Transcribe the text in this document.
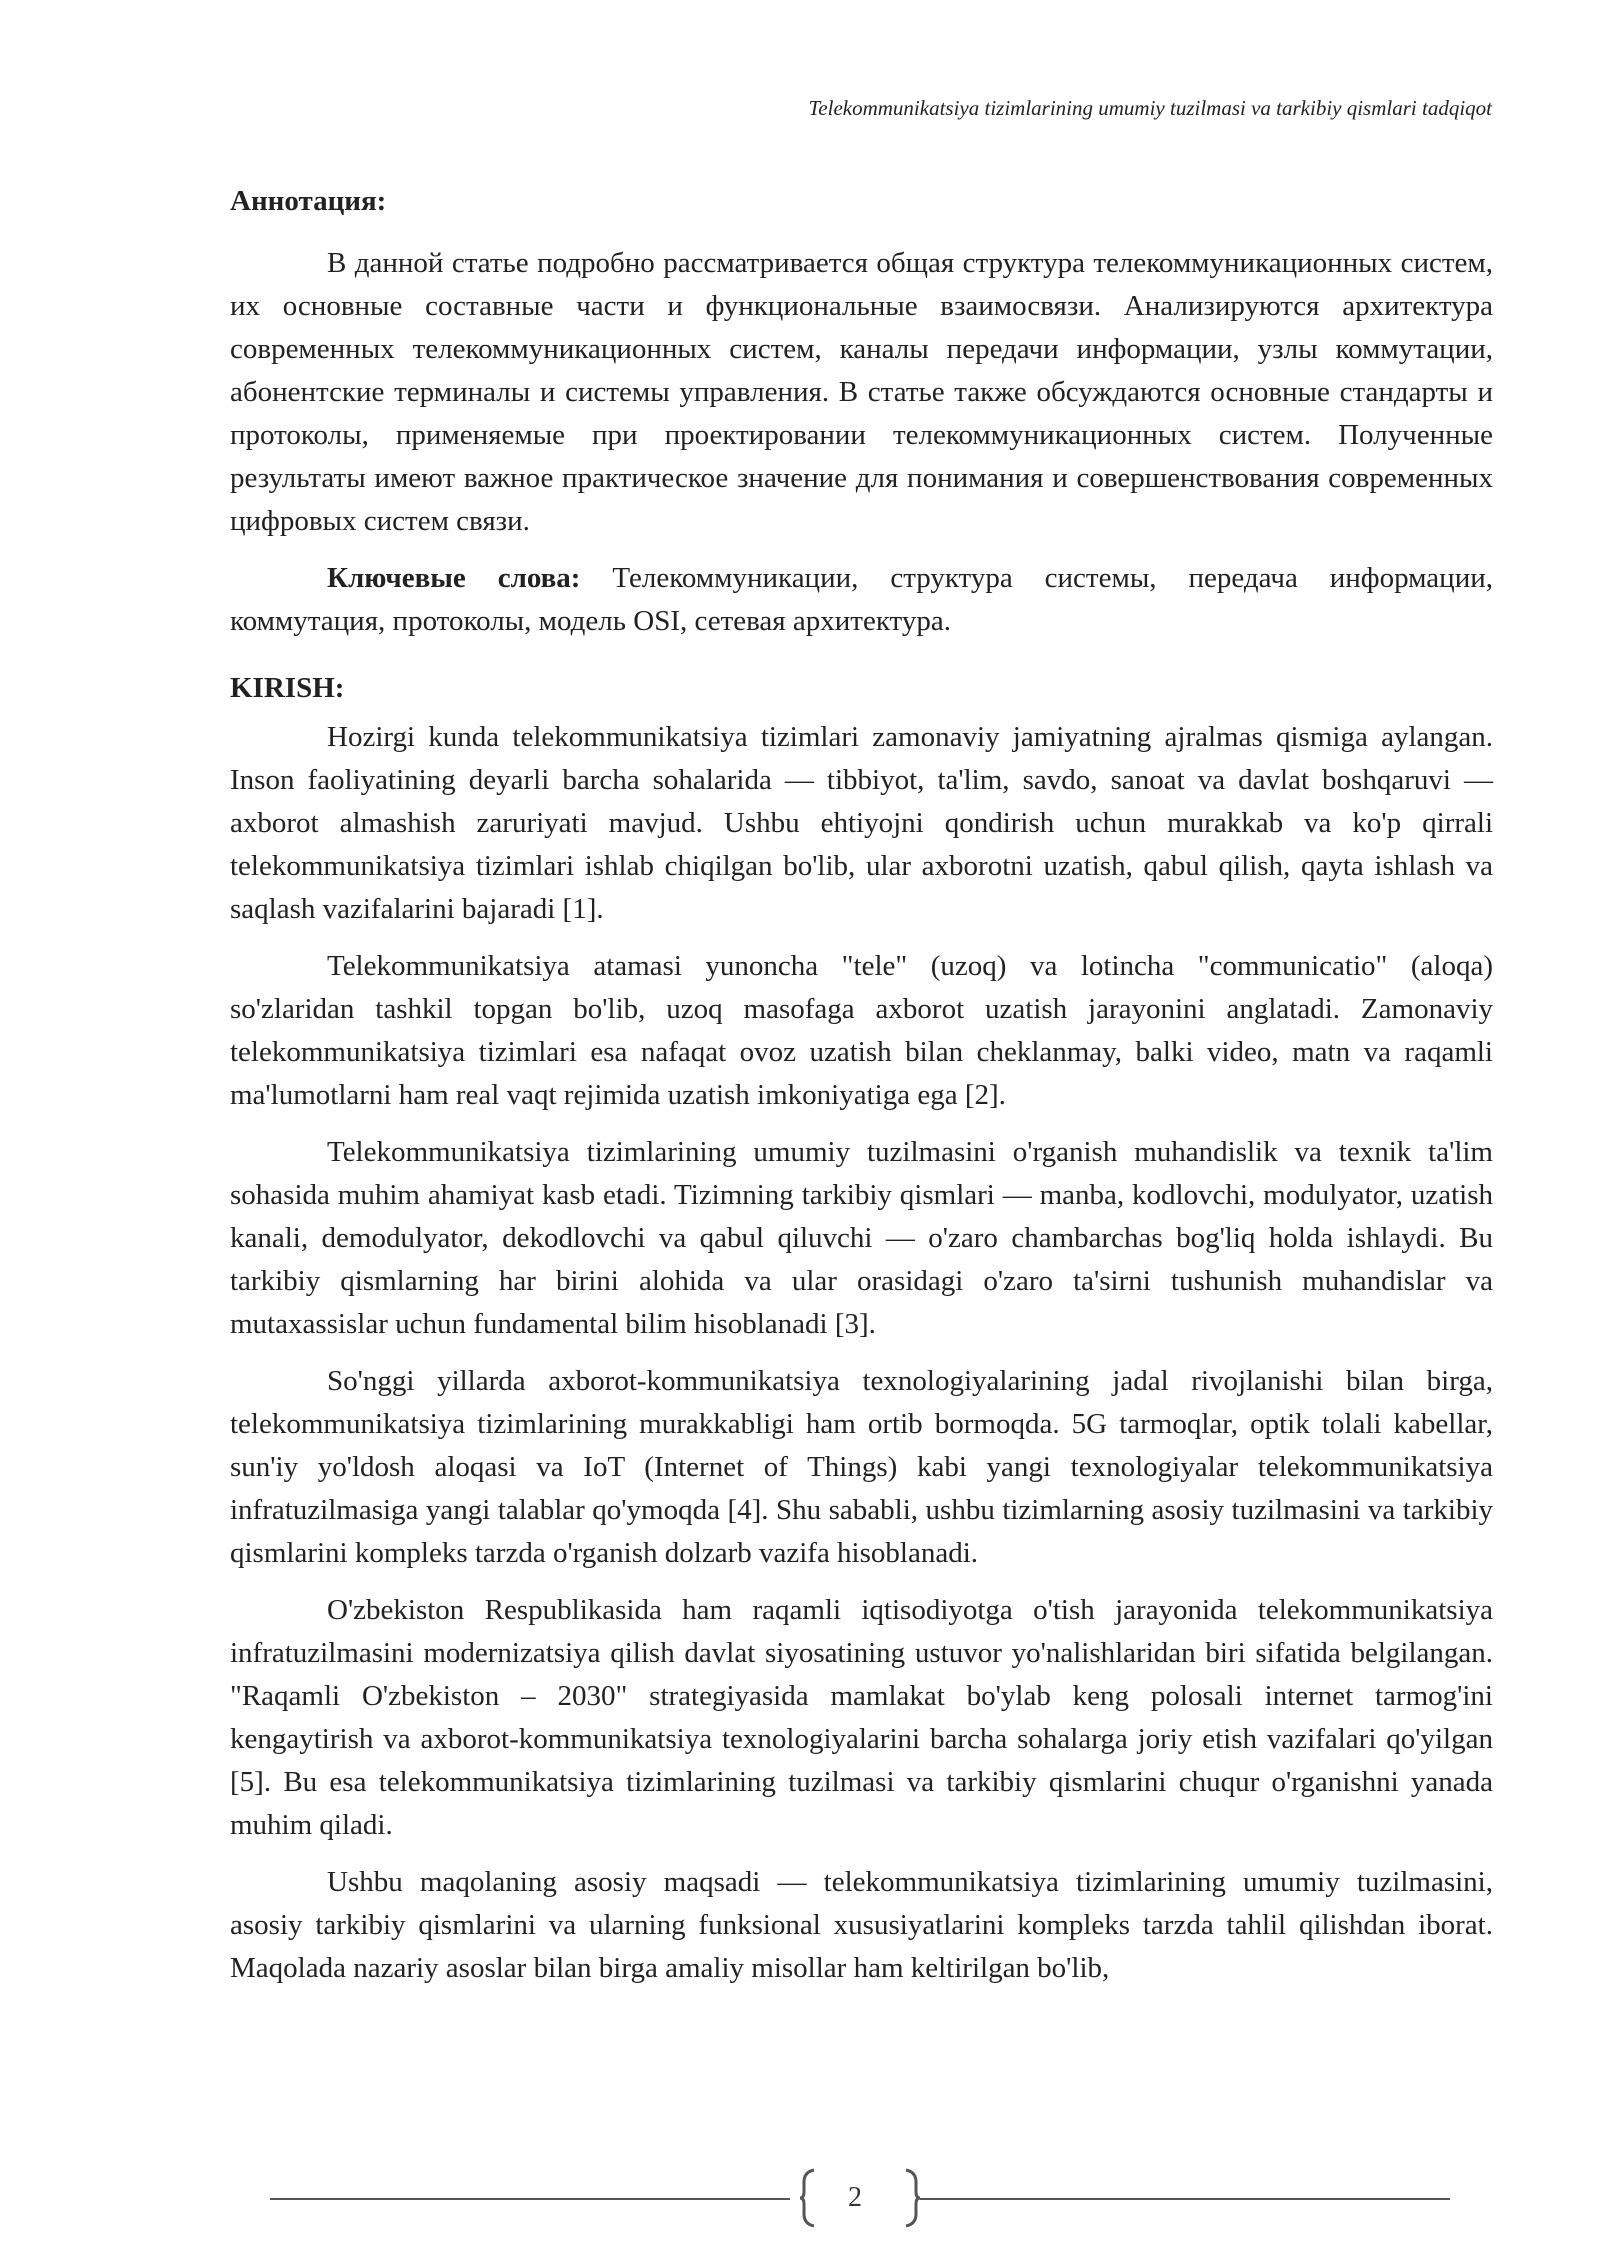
Telekommunikatsiya tizimlarining umumiy tuzilmasi va tarkibiy qismlari tadqiqot
Аннотация:

В данной статье подробно рассматривается общая структура телекоммуникационных систем, их основные составные части и функциональные взаимосвязи. Анализируются архитектура современных телекоммуникационных систем, каналы передачи информации, узлы коммутации, абонентские терминалы и системы управления. В статье также обсуждаются основные стандарты и протоколы, применяемые при проектировании телекоммуникационных систем. Полученные результаты имеют важное практическое значение для понимания и совершенствования современных цифровых систем связи.

Ключевые слова: Телекоммуникации, структура системы, передача информации, коммутация, протоколы, модель OSI, сетевая архитектура.

KIRISH:

Hozirgi kunda telekommunikatsiya tizimlari zamonaviy jamiyatning ajralmas qismiga aylangan. Inson faoliyatining deyarli barcha sohalarida — tibbiyot, ta'lim, savdo, sanoat va davlat boshqaruvi — axborot almashish zaruriyati mavjud. Ushbu ehtiyojni qondirish uchun murakkab va ko'p qirrali telekommunikatsiya tizimlari ishlab chiqilgan bo'lib, ular axborotni uzatish, qabul qilish, qayta ishlash va saqlash vazifalarini bajaradi [1].

Telekommunikatsiya atamasi yunoncha "tele" (uzoq) va lotincha "communicatio" (aloqa) so'zlaridan tashkil topgan bo'lib, uzoq masofaga axborot uzatish jarayonini anglatadi. Zamonaviy telekommunikatsiya tizimlari esa nafaqat ovoz uzatish bilan cheklanmay, balki video, matn va raqamli ma'lumotlarni ham real vaqt rejimida uzatish imkoniyatiga ega [2].

Telekommunikatsiya tizimlarining umumiy tuzilmasini o'rganish muhandislik va texnik ta'lim sohasida muhim ahamiyat kasb etadi. Tizimning tarkibiy qismlari — manba, kodlovchi, modulyator, uzatish kanali, demodulyator, dekodlovchi va qabul qiluvchi — o'zaro chambarchas bog'liq holda ishlaydi. Bu tarkibiy qismlarning har birini alohida va ular orasidagi o'zaro ta'sirni tushunish muhandislar va mutaxassislar uchun fundamental bilim hisoblanadi [3].

So'nggi yillarda axborot-kommunikatsiya texnologiyalarining jadal rivojlanishi bilan birga, telekommunikatsiya tizimlarining murakkabligi ham ortib bormoqda. 5G tarmoqlar, optik tolali kabellar, sun'iy yo'ldosh aloqasi va IoT (Internet of Things) kabi yangi texnologiyalar telekommunikatsiya infratuzilmasiga yangi talablar qo'ymoqda [4]. Shu sababli, ushbu tizimlarning asosiy tuzilmasini va tarkibiy qismlarini kompleks tarzda o'rganish dolzarb vazifa hisoblanadi.

O'zbekiston Respublikasida ham raqamli iqtisodiyotga o'tish jarayonida telekommunikatsiya infratuzilmasini modernizatsiya qilish davlat siyosatining ustuvor yo'nalishlaridan biri sifatida belgilangan. "Raqamli O'zbekiston – 2030" strategiyasida mamlakat bo'ylab keng polosali internet tarmog'ini kengaytirish va axborot-kommunikatsiya texnologiyalarini barcha sohalarga joriy etish vazifalari qo'yilgan [5]. Bu esa telekommunikatsiya tizimlarining tuzilmasi va tarkibiy qismlarini chuqur o'rganishni yanada muhim qiladi.

Ushbu maqolaning asosiy maqsadi — telekommunikatsiya tizimlarining umumiy tuzilmasini, asosiy tarkibiy qismlarini va ularning funksional xususiyatlarini kompleks tarzda tahlil qilishdan iborat. Maqolada nazariy asoslar bilan birga amaliy misollar ham keltirilgan bo'lib,

2
